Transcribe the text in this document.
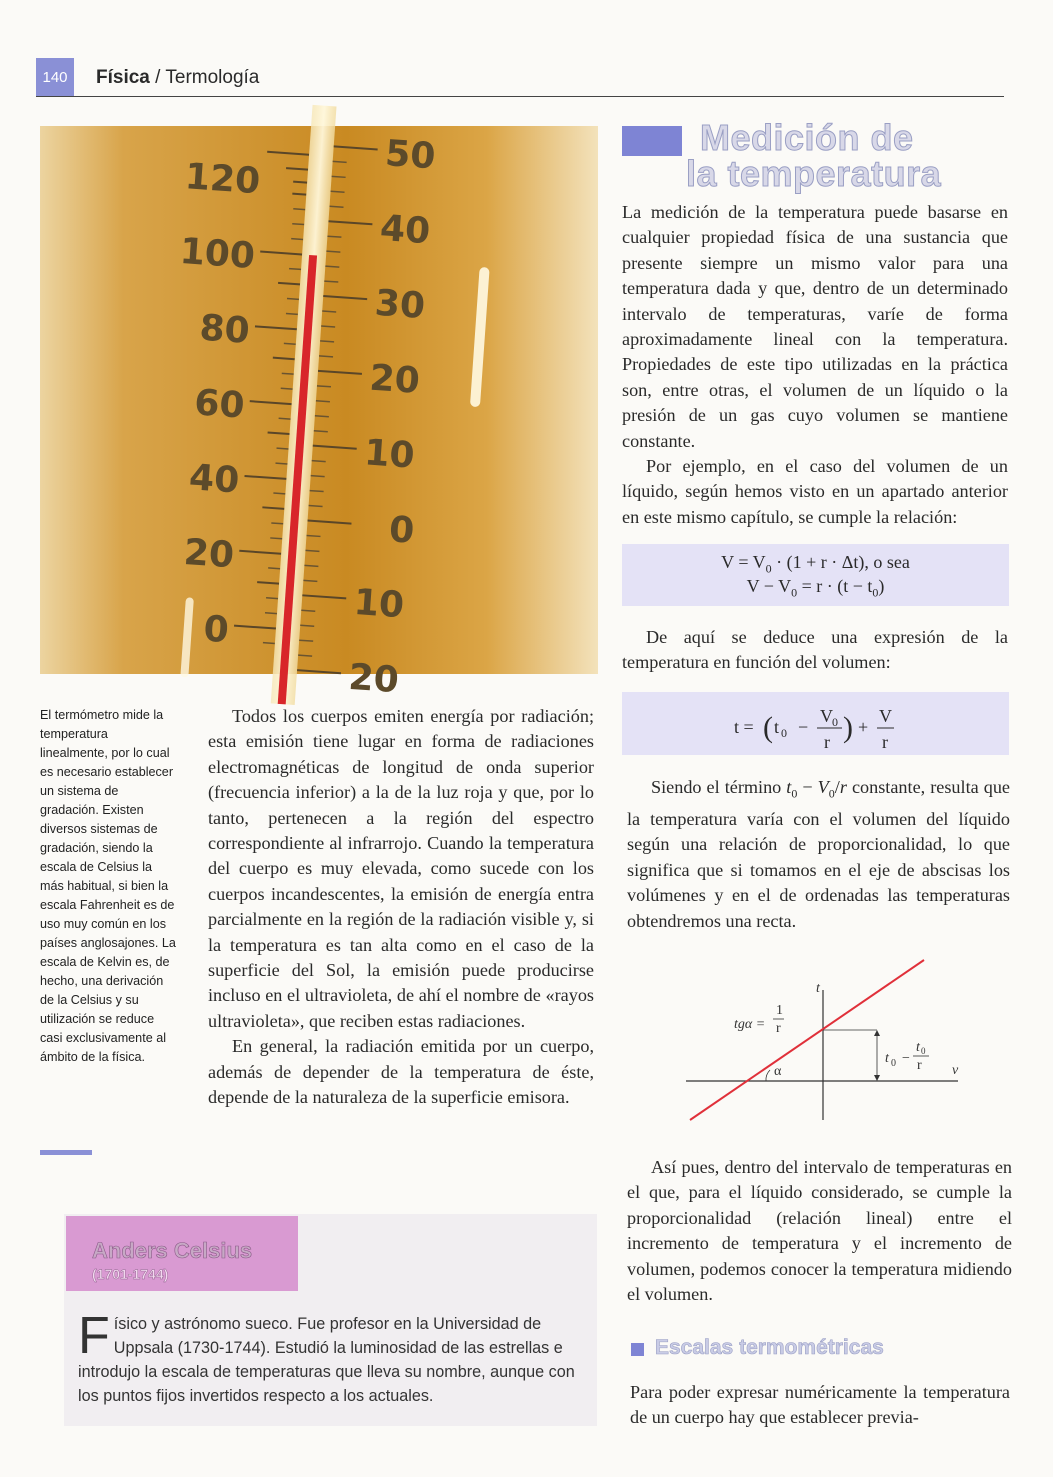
140	Física / Termología
120
100
80
60
40
20
0
50
40
30
20
10
0
10
20
El termómetro mide la temperatura linealmente, por lo cual es necesario establecer un sistema de gradación. Existen diversos sistemas de gradación, siendo la escala de Celsius la más habitual, si bien la escala Fahrenheit es de uso muy común en los países anglosajones. La escala de Kelvin es, de hecho, una derivación de la Celsius y su utilización se reduce casi exclusivamente al ámbito de la física.

Todos los cuerpos emiten energía por radiación; esta emisión tiene lugar en forma de radiaciones electromagnéticas de longitud de onda superior (frecuencia inferior) a la de la luz roja y que, por lo tanto, pertenecen a la región del espectro correspondiente al infrarrojo. Cuando la temperatura del cuerpo es muy elevada, como sucede con los cuerpos incandescentes, la emisión de energía entra parcialmente en la región de la radiación visible y, si la temperatura es tan alta como en el caso de la superficie del Sol, la emisión puede producirse incluso en el ultravioleta, de ahí el nombre de «rayos ultravioleta», que reciben estas radiaciones.

En general, la radiación emitida por un cuerpo, además de depender de la temperatura de éste, depende de la naturaleza de la superficie emisora.

Medición de
la temperatura

La medición de la temperatura puede basarse en cualquier propiedad física de una sustancia que presente siempre un mismo valor para una temperatura dada y que, dentro de un determinado intervalo de temperaturas, varíe de forma aproximadamente lineal con la temperatura. Propiedades de este tipo utilizadas en la práctica son, entre otras, el volumen de un líquido o la presión de un gas cuyo volumen se mantiene constante.

Por ejemplo, en el caso del volumen de un líquido, según hemos visto en un apartado anterior en este mismo capítulo, se cumple la relación:

$V = V_0 \cdot (1 + r \cdot \Delta t)$, o sea
$V - V_0 = r \cdot (t - t_0)$

De aquí se deduce una expresión de la temperatura en función del volumen:

t = ( t 0 −
V 0
r ) +
V
r

Siendo el término $t_0 - V_0/r$ constante, resulta que la temperatura varía con el volumen del líquido según una relación de proporcionalidad, lo que significa que si tomamos en el eje de abscisas los volúmenes y en el de ordenadas las temperaturas obtendremos una recta.

t
v
α
tgα =
1
r
t 0 −
t 0
r

Así pues, dentro del intervalo de temperaturas en el que, para el líquido considerado, se cumple la proporcionalidad (relación lineal) entre el incremento de temperatura y el incremento de volumen, podemos conocer la temperatura midiendo el volumen.

Escalas termométricas

Para poder expresar numéricamente la temperatura de un cuerpo hay que establecer previa-

Anders Celsius
(1701-1744)
Físico y astrónomo sueco. Fue profesor en la Universidad de Uppsala (1730-1744). Estudió la luminosidad de las estrellas e introdujo la escala de temperaturas que lleva su nombre, aunque con los puntos fijos invertidos respecto a los actuales.
